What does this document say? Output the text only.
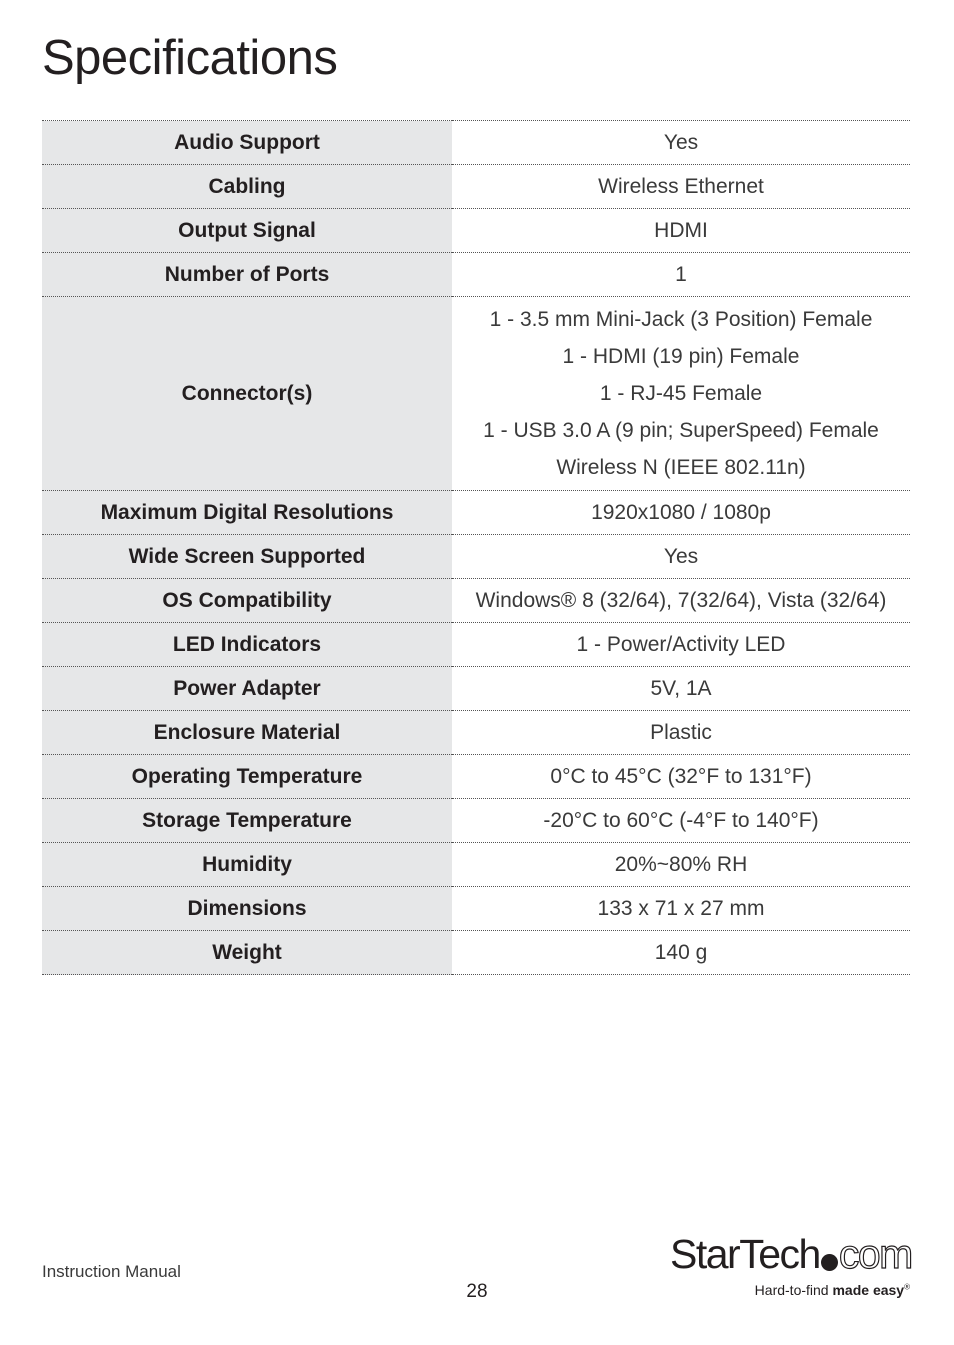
Specifications
Audio Support	Yes
Cabling	Wireless Ethernet
Output Signal	HDMI
Number of Ports	1
Connector(s)	1 - 3.5 mm Mini-Jack (3 Position) Female
1 - HDMI (19 pin) Female
1 - RJ-45 Female
1 - USB 3.0 A (9 pin; SuperSpeed) Female
Wireless N (IEEE 802.11n)

Maximum Digital Resolutions	1920x1080 / 1080p
Wide Screen Supported	Yes
OS Compatibility	Windows® 8 (32/64), 7(32/64), Vista (32/64)
LED Indicators	1 - Power/Activity LED
Power Adapter	5V, 1A
Enclosure Material	Plastic
Operating Temperature	0°C to 45°C (32°F to 131°F)
Storage Temperature	-20°C to 60°C (-4°F to 140°F)
Humidity	20%~80% RH
Dimensions	133 x 71 x 27 mm
Weight	140 g
Instruction Manual
28
StarTech com
Hard-to-find made easy®
